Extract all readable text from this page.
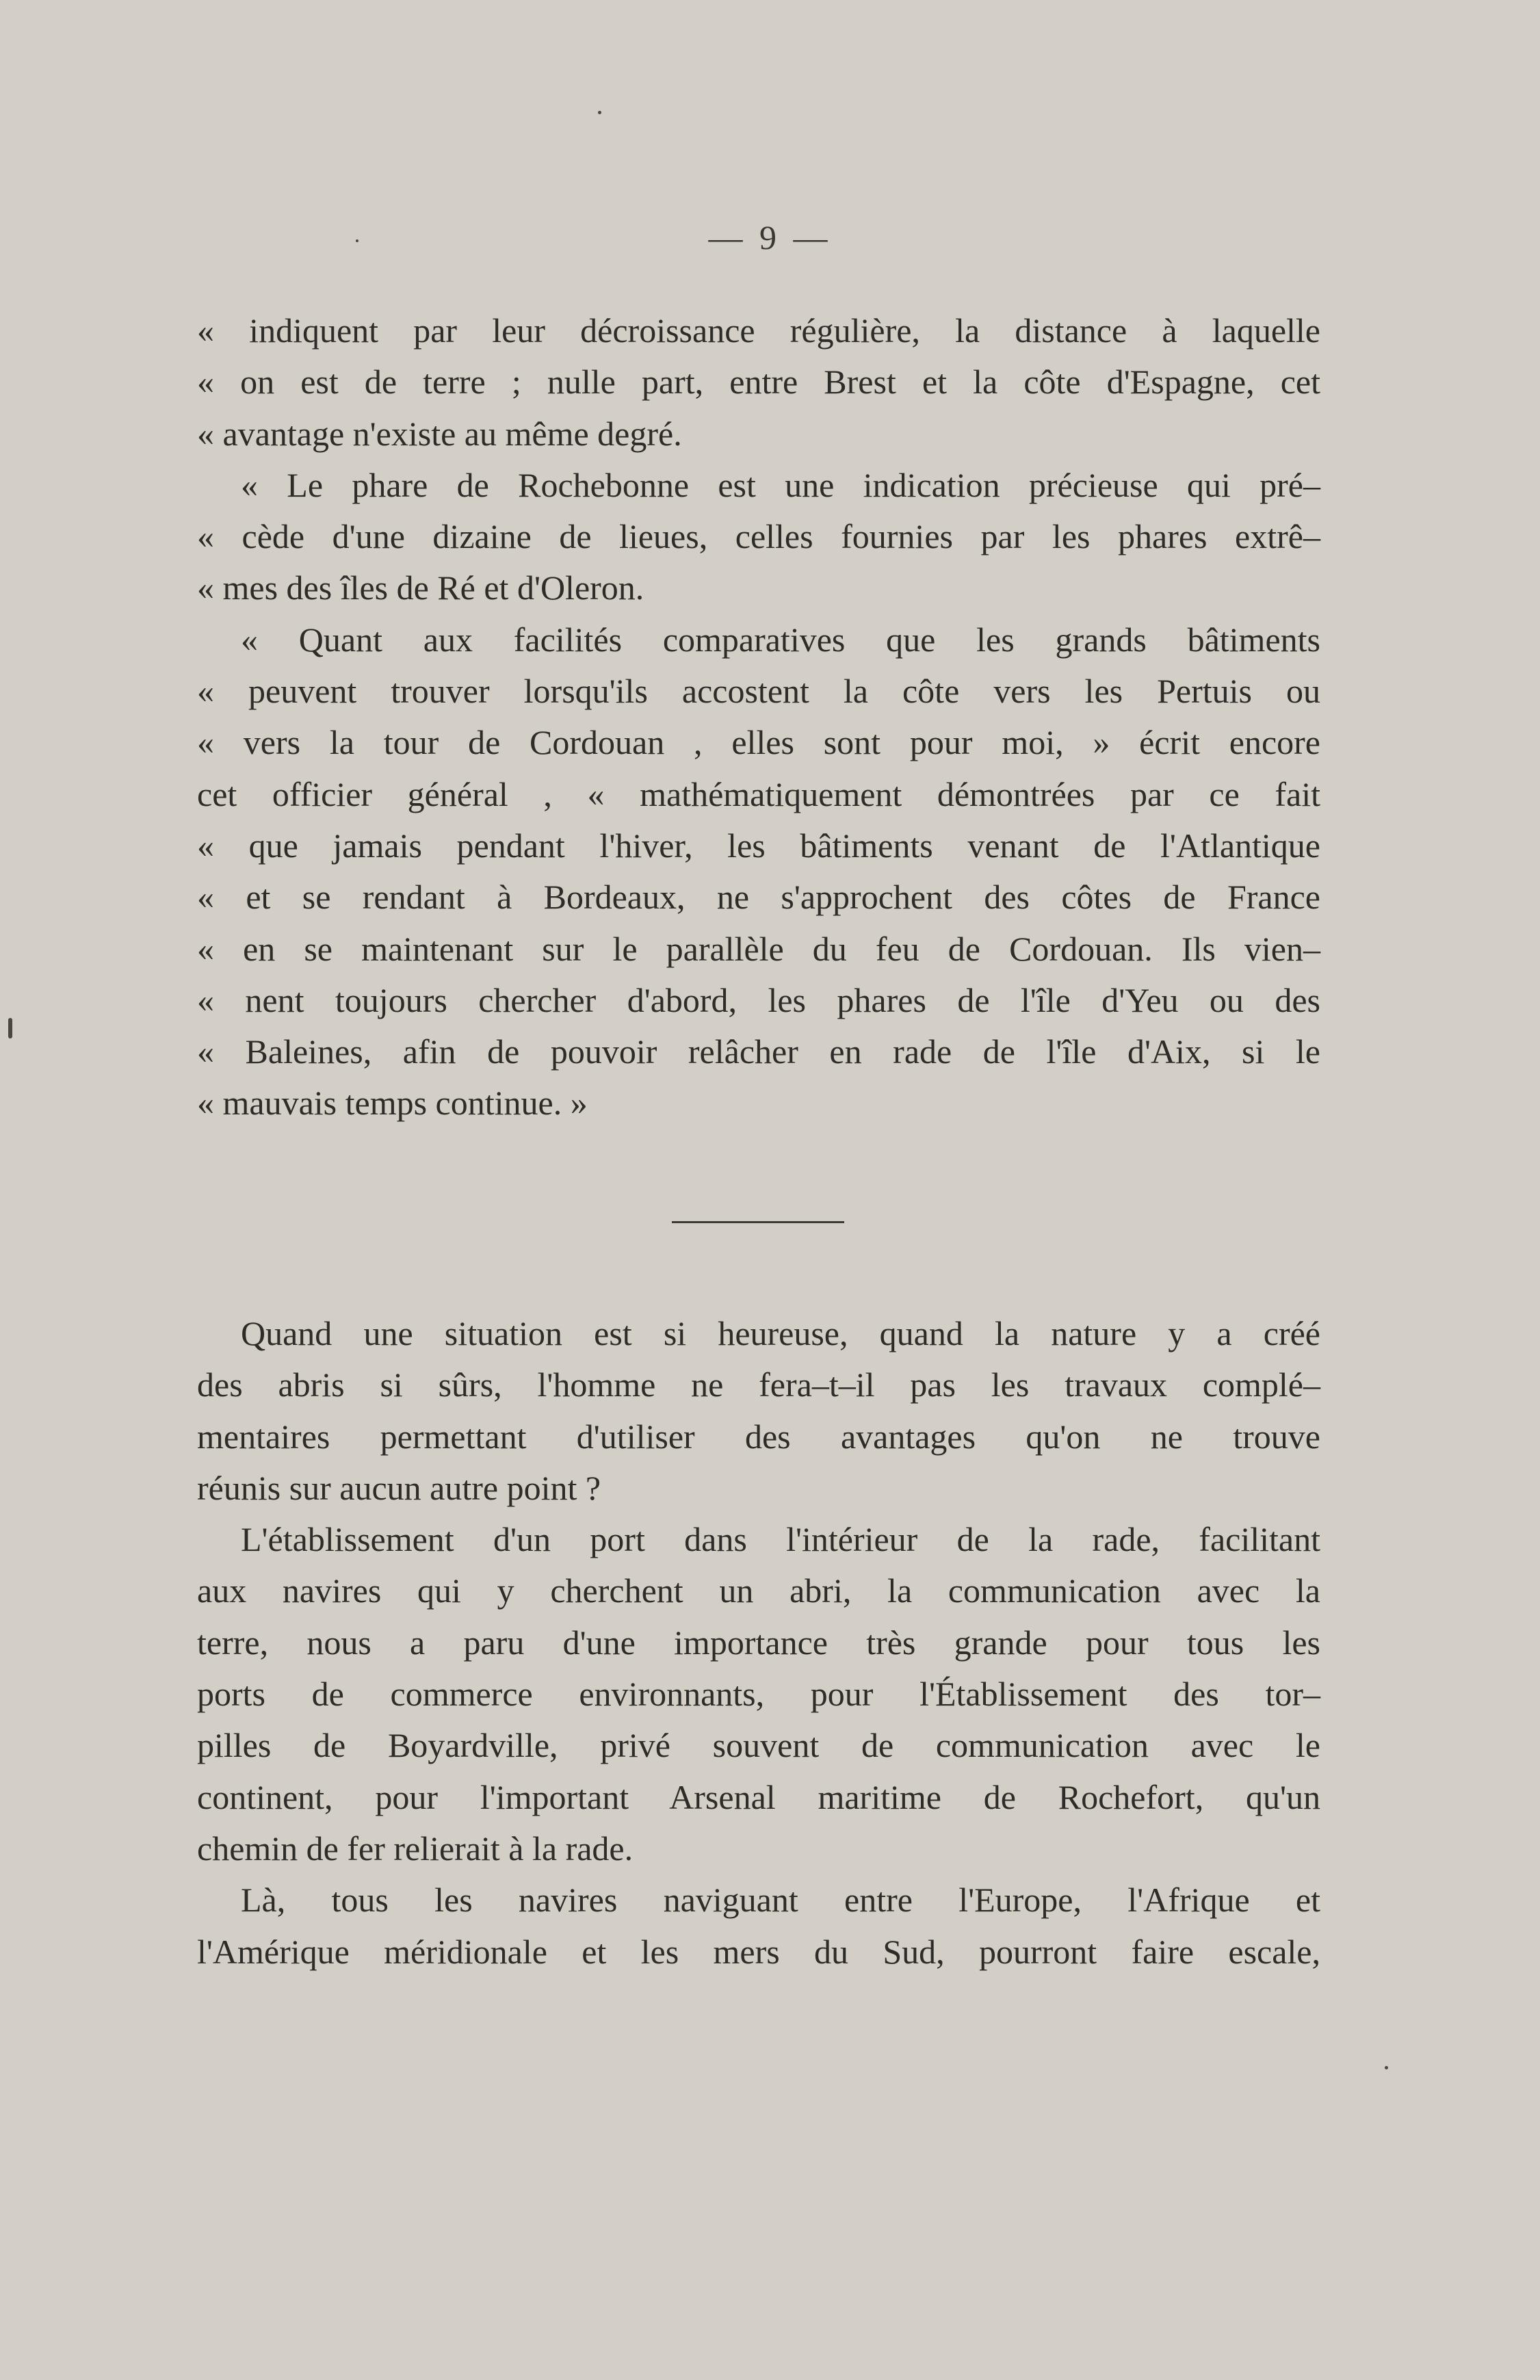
— 9 —
« indiquent par leur décroissance régulière, la distance à laquelle
« on est de terre ; nulle part, entre Brest et la côte d'Espagne, cet
« avantage n'existe au même degré.
« Le phare de Rochebonne est une indication précieuse qui pré–
« cède d'une dizaine de lieues, celles fournies par les phares extrê–
« mes des îles de Ré et d'Oleron.
« Quant aux facilités comparatives que les grands bâtiments
« peuvent trouver lorsqu'ils accostent la côte vers les Pertuis ou
« vers la tour de Cordouan , elles sont pour moi, » écrit encore
cet officier général , « mathématiquement démontrées par ce fait
« que jamais pendant l'hiver, les bâtiments venant de l'Atlantique
« et se rendant à Bordeaux, ne s'approchent des côtes de France
« en se maintenant sur le parallèle du feu de Cordouan. Ils vien–
« nent toujours chercher d'abord, les phares de l'île d'Yeu ou des
« Baleines, afin de pouvoir relâcher en rade de l'île d'Aix, si le
« mauvais temps continue. »
Quand une situation est si heureuse, quand la nature y a créé
des abris si sûrs, l'homme ne fera–t–il pas les travaux complé–
mentaires permettant d'utiliser des avantages qu'on ne trouve
réunis sur aucun autre point ?
L'établissement d'un port dans l'intérieur de la rade, facilitant
aux navires qui y cherchent un abri, la communication avec la
terre, nous a paru d'une importance très grande pour tous les
ports de commerce environnants, pour l'Établissement des tor–
pilles de Boyardville, privé souvent de communication avec le
continent, pour l'important Arsenal maritime de Rochefort, qu'un
chemin de fer relierait à la rade.
Là, tous les navires naviguant entre l'Europe, l'Afrique et
l'Amérique méridionale et les mers du Sud, pourront faire escale,
